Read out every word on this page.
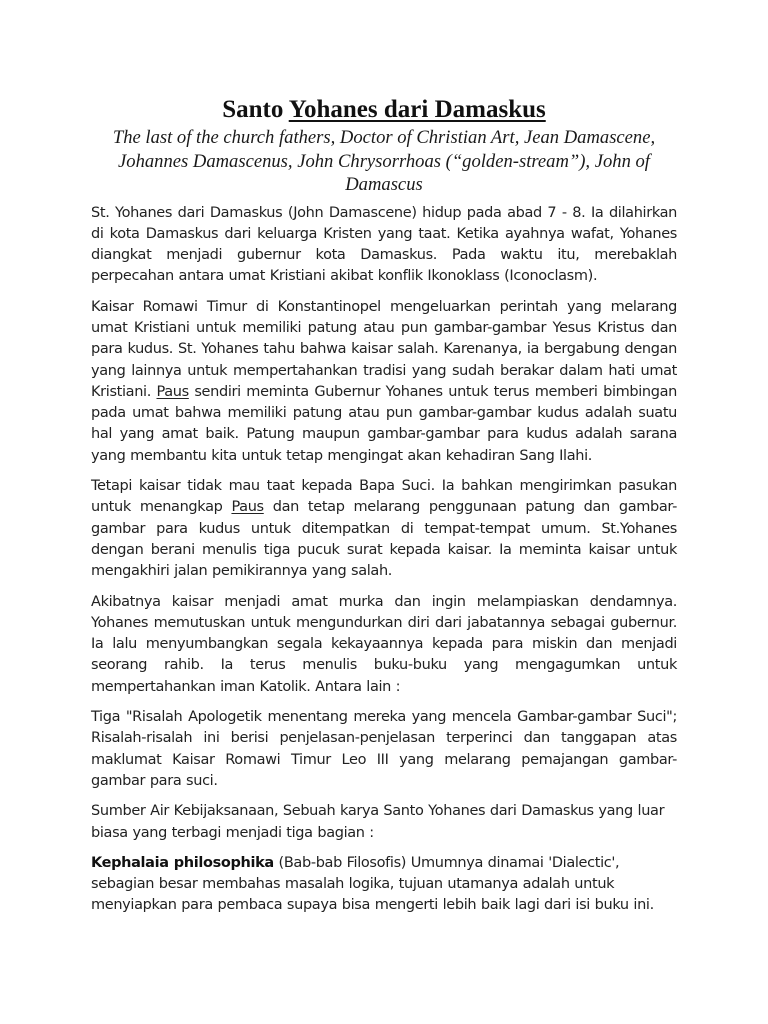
Santo Yohanes dari Damaskus
The last of the church fathers, Doctor of Christian Art, Jean Damascene, Johannes Damascenus, John Chrysorrhoas (“golden-stream”), John of Damascus

St. Yohanes dari Damaskus (John Damascene) hidup pada abad 7 - 8. Ia dilahirkan di kota Damaskus dari keluarga Kristen yang taat. Ketika ayahnya wafat, Yohanes diangkat menjadi gubernur kota Damaskus. Pada waktu itu, merebaklah perpecahan antara umat Kristiani akibat konflik Ikonoklass (Iconoclasm).

Kaisar Romawi Timur di Konstantinopel mengeluarkan perintah yang melarang umat Kristiani untuk memiliki patung atau pun gambar-gambar Yesus Kristus dan para kudus. St. Yohanes tahu bahwa kaisar salah. Karenanya, ia bergabung dengan yang lainnya untuk mempertahankan tradisi yang sudah berakar dalam hati umat Kristiani. Paus sendiri meminta Gubernur Yohanes untuk terus memberi bimbingan pada umat bahwa memiliki patung atau pun gambar-gambar kudus adalah suatu hal yang amat baik. Patung maupun gambar-gambar para kudus adalah sarana yang membantu kita untuk tetap mengingat akan kehadiran Sang Ilahi.

Tetapi kaisar tidak mau taat kepada Bapa Suci. Ia bahkan mengirimkan pasukan untuk menangkap Paus dan tetap melarang penggunaan patung dan gambar-gambar para kudus untuk ditempatkan di tempat-tempat umum. St.Yohanes dengan berani menulis tiga pucuk surat kepada kaisar. Ia meminta kaisar untuk mengakhiri jalan pemikirannya yang salah.

Akibatnya kaisar menjadi amat murka dan ingin melampiaskan dendamnya. Yohanes memutuskan untuk mengundurkan diri dari jabatannya sebagai gubernur. Ia lalu menyumbangkan segala kekayaannya kepada para miskin dan menjadi seorang rahib. Ia terus menulis buku-buku yang mengagumkan untuk mempertahankan iman Katolik. Antara lain :

Tiga "Risalah Apologetik menentang mereka yang mencela Gambar-gambar Suci"; Risalah-risalah ini berisi penjelasan-penjelasan terperinci dan tanggapan atas maklumat Kaisar Romawi Timur Leo III yang melarang pemajangan gambar-gambar para suci.

Sumber Air Kebijaksanaan, Sebuah karya Santo Yohanes dari Damaskus yang luar biasa yang terbagi menjadi tiga bagian :

Kephalaia philosophika (Bab-bab Filosofis) Umumnya dinamai 'Dialectic', sebagian besar membahas masalah logika, tujuan utamanya adalah untuk menyiapkan para pembaca supaya bisa mengerti lebih baik lagi dari isi buku ini.
